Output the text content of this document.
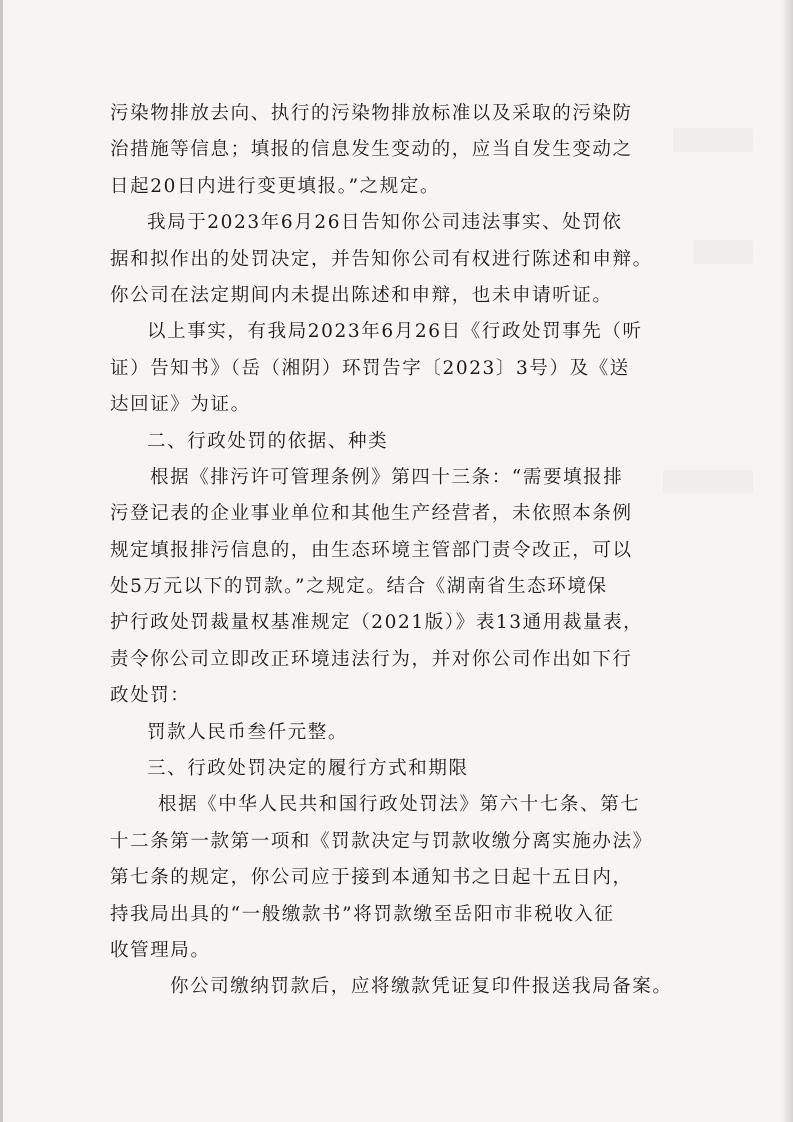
污染物排放去向、执行的污染物排放标准以及采取的污染防
治措施等信息；填报的信息发生变动的，应当自发生变动之
日起20日内进行变更填报。”之规定。
我局于2023年6月26日告知你公司违法事实、处罚依
据和拟作出的处罚决定，并告知你公司有权进行陈述和申辩。
你公司在法定期间内未提出陈述和申辩，也未申请听证。
以上事实，有我局2023年6月26日《行政处罚事先（听
证）告知书》（岳（湘阴）环罚告字〔2023〕3号）及《送
达回证》为证。
二、行政处罚的依据、种类
根据《排污许可管理条例》第四十三条：“需要填报排
污登记表的企业事业单位和其他生产经营者，未依照本条例
规定填报排污信息的，由生态环境主管部门责令改正，可以
处5万元以下的罚款。”之规定。结合《湖南省生态环境保
护行政处罚裁量权基准规定（2021版）》表13通用裁量表，
责令你公司立即改正环境违法行为，并对你公司作出如下行
政处罚：
罚款人民币叁仟元整。
三、行政处罚决定的履行方式和期限
根据《中华人民共和国行政处罚法》第六十七条、第七
十二条第一款第一项和《罚款决定与罚款收缴分离实施办法》
第七条的规定，你公司应于接到本通知书之日起十五日内，
持我局出具的“一般缴款书”将罚款缴至岳阳市非税收入征
收管理局。
你公司缴纳罚款后，应将缴款凭证复印件报送我局备案。
